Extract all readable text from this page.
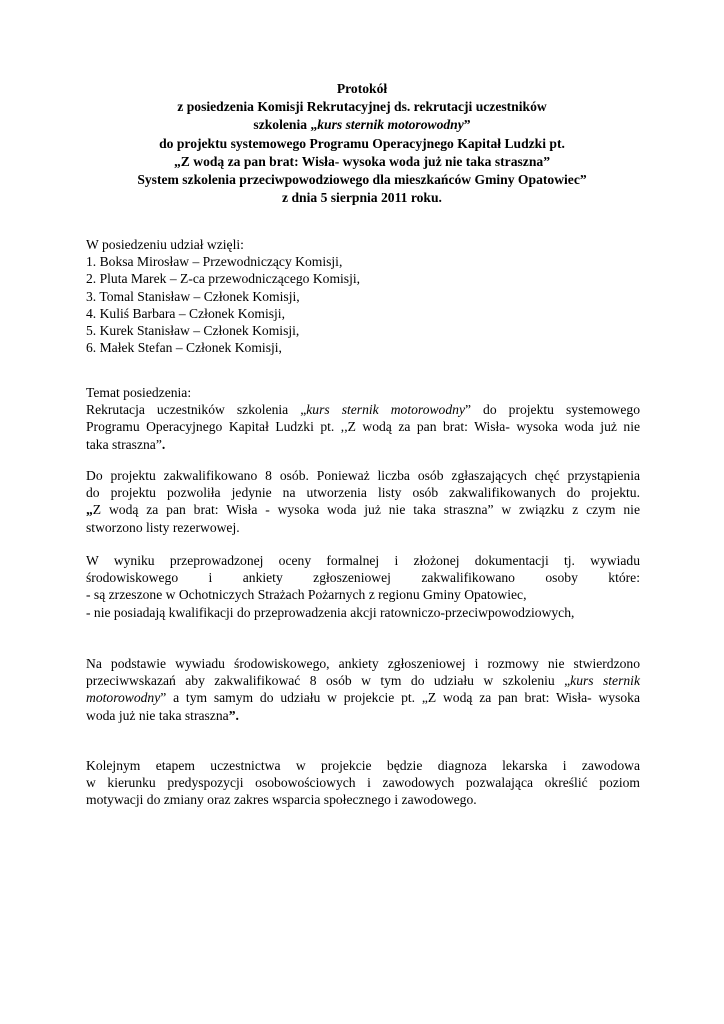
Protokół
z posiedzenia Komisji Rekrutacyjnej ds. rekrutacji uczestników
szkolenia „kurs sternik motorowodny”
do projektu systemowego Programu Operacyjnego Kapitał Ludzki pt.
„Z wodą za pan brat: Wisła- wysoka woda już nie taka straszna”
System szkolenia przeciwpowodziowego dla mieszkańców Gminy Opatowiec”
z dnia 5 sierpnia 2011 roku.
W posiedzeniu udział wzięli:
1. Boksa Mirosław – Przewodniczący Komisji,
2. Pluta Marek – Z-ca przewodniczącego Komisji,
3. Tomal Stanisław – Członek Komisji,
4. Kuliś Barbara – Członek Komisji,
5. Kurek Stanisław – Członek Komisji,
6. Małek Stefan – Członek Komisji,
Temat posiedzenia:
Rekrutacja uczestników szkolenia „kurs sternik motorowodny” do projektu systemowego
Programu Operacyjnego Kapitał Ludzki pt. ,,Z wodą za pan brat: Wisła- wysoka woda już nie
taka straszna”.
Do projektu zakwalifikowano 8 osób. Ponieważ liczba osób zgłaszających chęć przystąpienia
do projektu pozwoliła jedynie na utworzenia listy osób zakwalifikowanych do projektu.
„Z wodą za pan brat: Wisła - wysoka woda już nie taka straszna” w związku z czym nie
stworzono listy rezerwowej.
W wyniku przeprowadzonej oceny formalnej i złożonej dokumentacji tj. wywiadu
środowiskowego i ankiety zgłoszeniowej zakwalifikowano osoby które:
- są zrzeszone w Ochotniczych Strażach Pożarnych z regionu Gminy Opatowiec,
- nie posiadają kwalifikacji do przeprowadzenia akcji ratowniczo-przeciwpowodziowych,
Na podstawie wywiadu środowiskowego, ankiety zgłoszeniowej i rozmowy nie stwierdzono
przeciwwskazań aby zakwalifikować 8 osób w tym do udziału w szkoleniu „kurs sternik
motorowodny” a tym samym do udziału w projekcie pt. „Z wodą za pan brat: Wisła- wysoka
woda już nie taka straszna”.
Kolejnym etapem uczestnictwa w projekcie będzie diagnoza lekarska i zawodowa
w kierunku predyspozycji osobowościowych i zawodowych pozwalająca określić poziom
motywacji do zmiany oraz zakres wsparcia społecznego i zawodowego.
